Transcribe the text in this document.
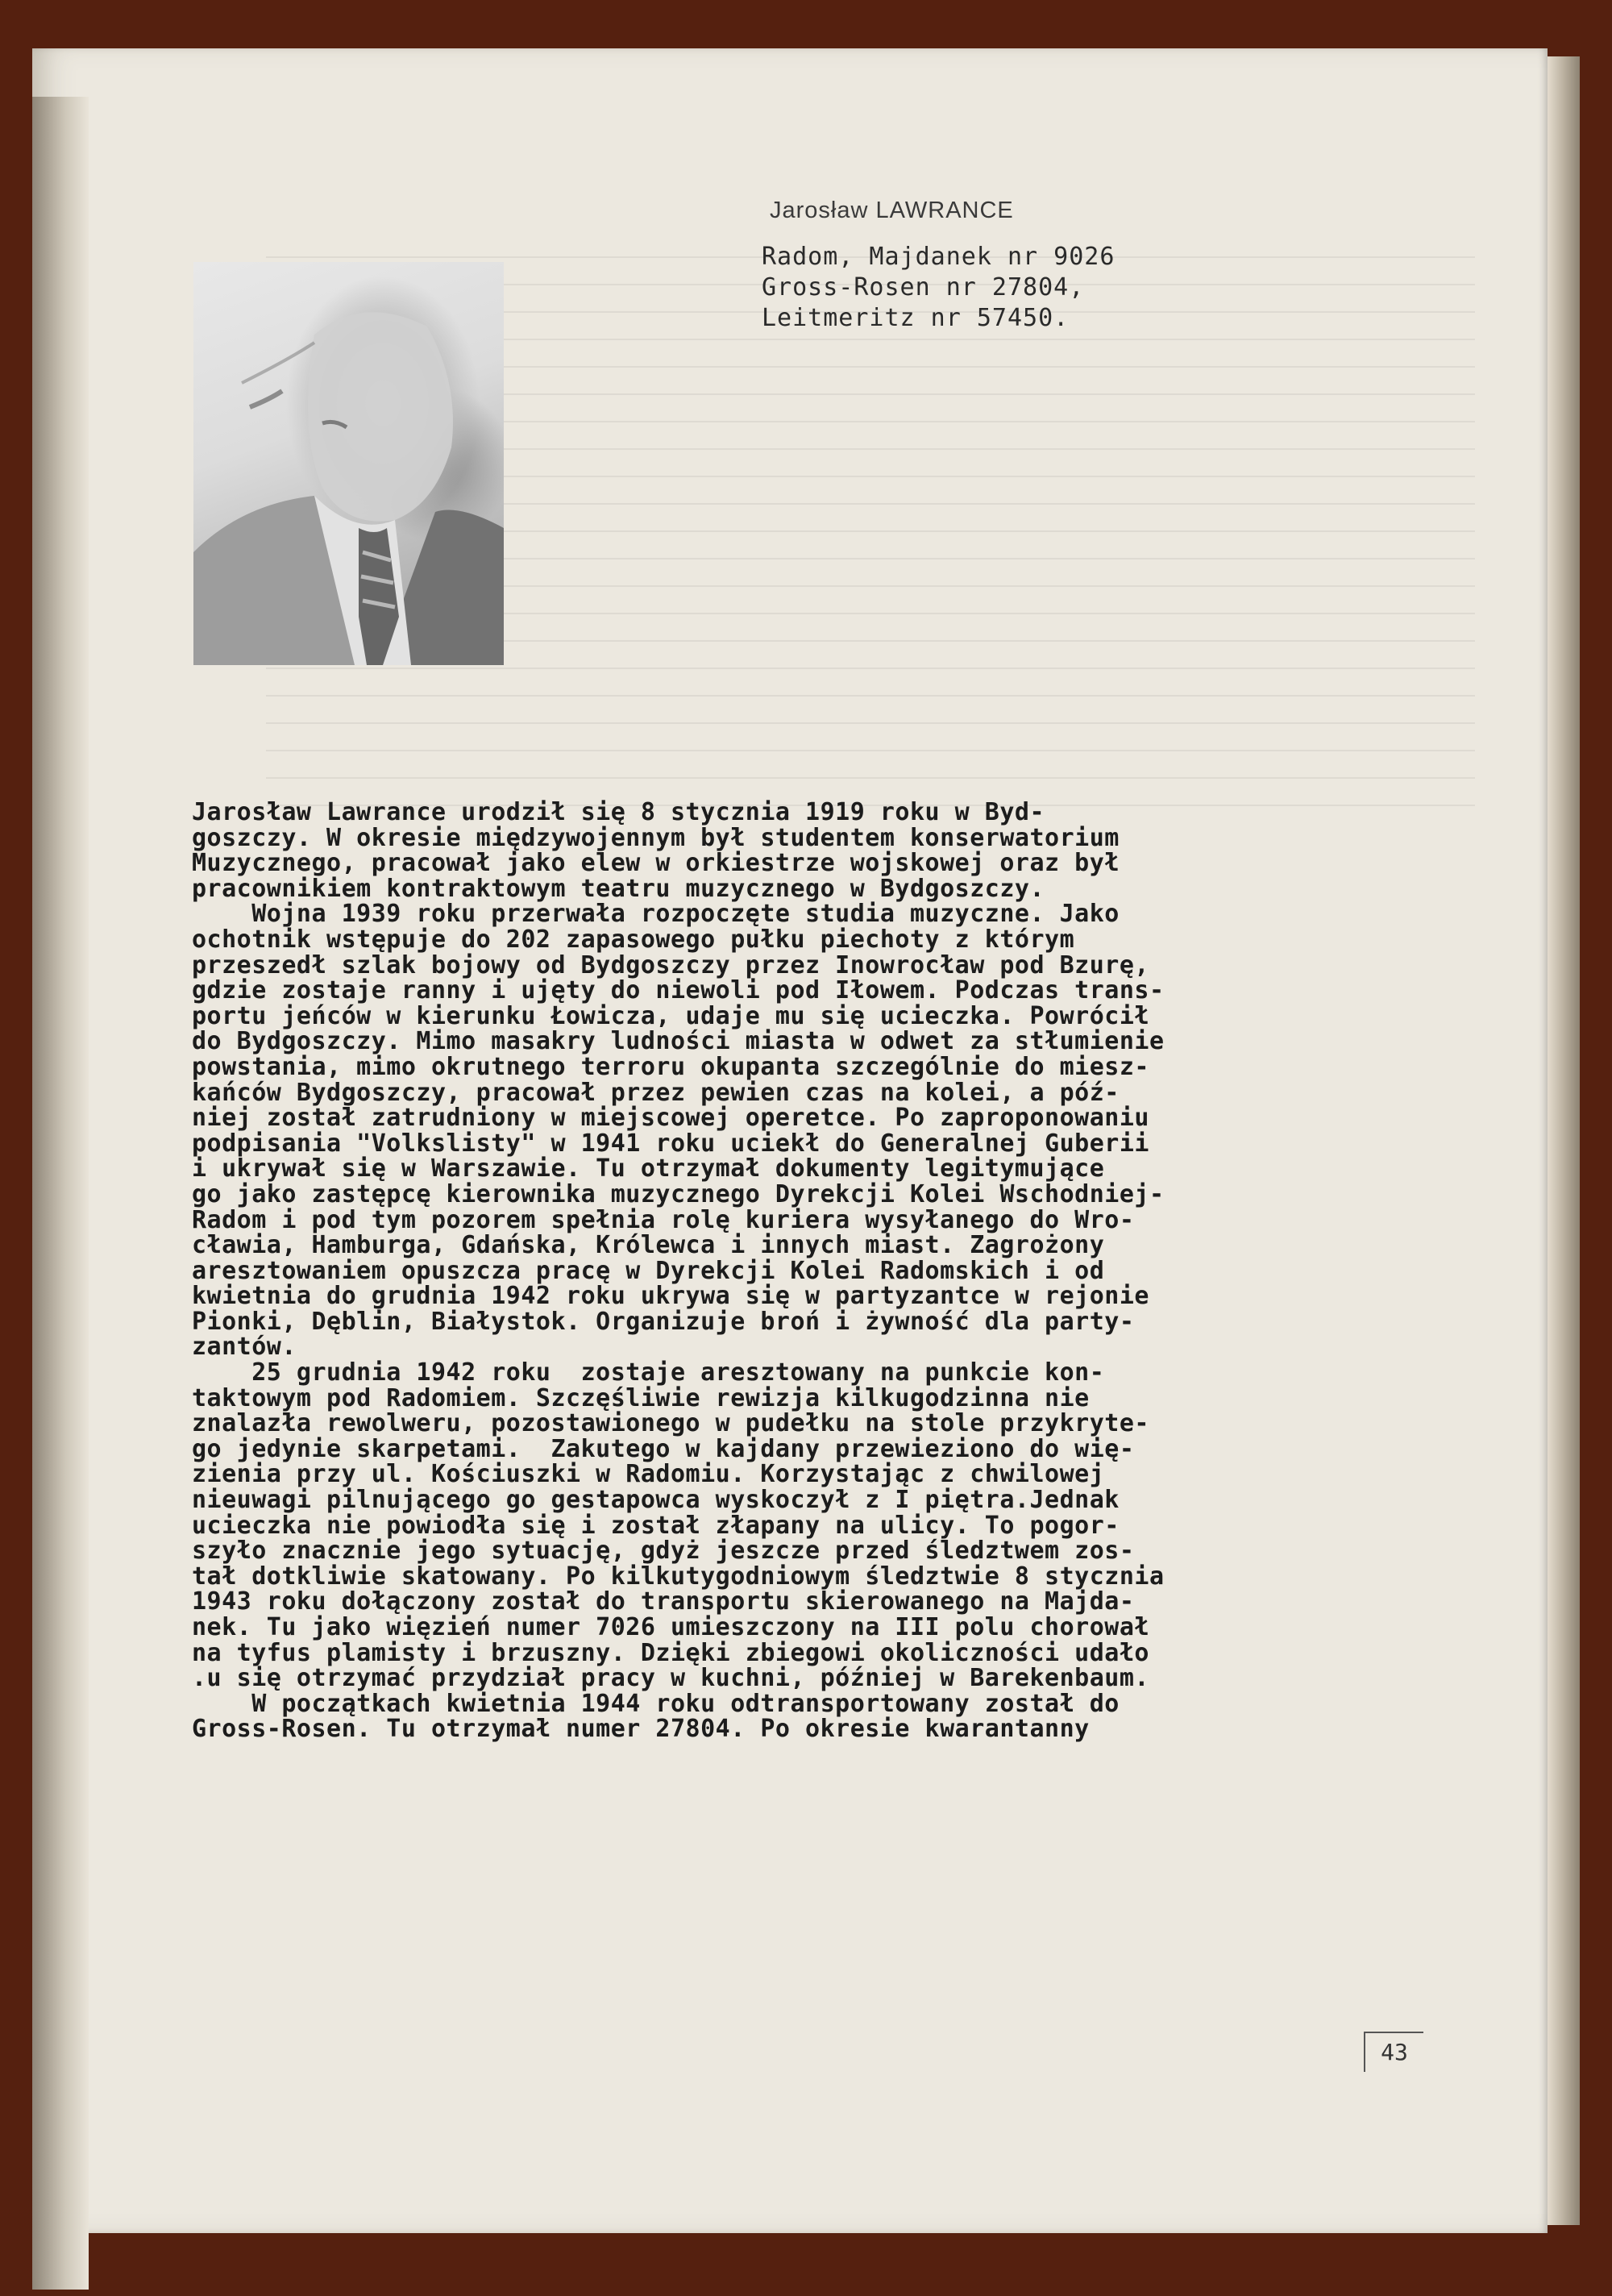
Jarosław LAWRANCE
Radom, Majdanek nr 9026
Gross-Rosen nr 27804,
Leitmeritz nr 57450.
Jarosław Lawrance urodził się 8 stycznia 1919 roku w Byd-
goszczy. W okresie międzywojennym był studentem konserwatorium
Muzycznego, pracował jako elew w orkiestrze wojskowej oraz był
pracownikiem kontraktowym teatru muzycznego w Bydgoszczy.
Wojna 1939 roku przerwała rozpoczęte studia muzyczne. Jako
ochotnik wstępuje do 202 zapasowego pułku piechoty z którym
przeszedł szlak bojowy od Bydgoszczy przez Inowrocław pod Bzurę,
gdzie zostaje ranny i ujęty do niewoli pod Iłowem. Podczas trans-
portu jeńców w kierunku Łowicza, udaje mu się ucieczka. Powrócił
do Bydgoszczy. Mimo masakry ludności miasta w odwet za stłumienie
powstania, mimo okrutnego terroru okupanta szczególnie do miesz-
kańców Bydgoszczy, pracował przez pewien czas na kolei, a póź-
niej został zatrudniony w miejscowej operetce. Po zaproponowaniu
podpisania "Volkslisty" w 1941 roku uciekł do Generalnej Guberii
i ukrywał się w Warszawie. Tu otrzymał dokumenty legitymujące
go jako zastępcę kierownika muzycznego Dyrekcji Kolei Wschodniej-
Radom i pod tym pozorem spełnia rolę kuriera wysyłanego do Wro-
cławia, Hamburga, Gdańska, Królewca i innych miast. Zagrożony
aresztowaniem opuszcza pracę w Dyrekcji Kolei Radomskich i od
kwietnia do grudnia 1942 roku ukrywa się w partyzantce w rejonie
Pionki, Dęblin, Białystok. Organizuje broń i żywność dla party-
zantów.
25 grudnia 1942 roku  zostaje aresztowany na punkcie kon-
taktowym pod Radomiem. Szczęśliwie rewizja kilkugodzinna nie
znalazła rewolweru, pozostawionego w pudełku na stole przykryte-
go jedynie skarpetami.  Zakutego w kajdany przewieziono do wię-
zienia przy ul. Kościuszki w Radomiu. Korzystając z chwilowej
nieuwagi pilnującego go gestapowca wyskoczył z I piętra.Jednak
ucieczka nie powiodła się i został złapany na ulicy. To pogor-
szyło znacznie jego sytuację, gdyż jeszcze przed śledztwem zos-
tał dotkliwie skatowany. Po kilkutygodniowym śledztwie 8 stycznia
1943 roku dołączony został do transportu skierowanego na Majda-
nek. Tu jako więzień numer 7026 umieszczony na III polu chorował
na tyfus plamisty i brzuszny. Dzięki zbiegowi okoliczności udało
.u się otrzymać przydział pracy w kuchni, później w Barekenbaum.
W początkach kwietnia 1944 roku odtransportowany został do
Gross-Rosen. Tu otrzymał numer 27804. Po okresie kwarantanny
43
